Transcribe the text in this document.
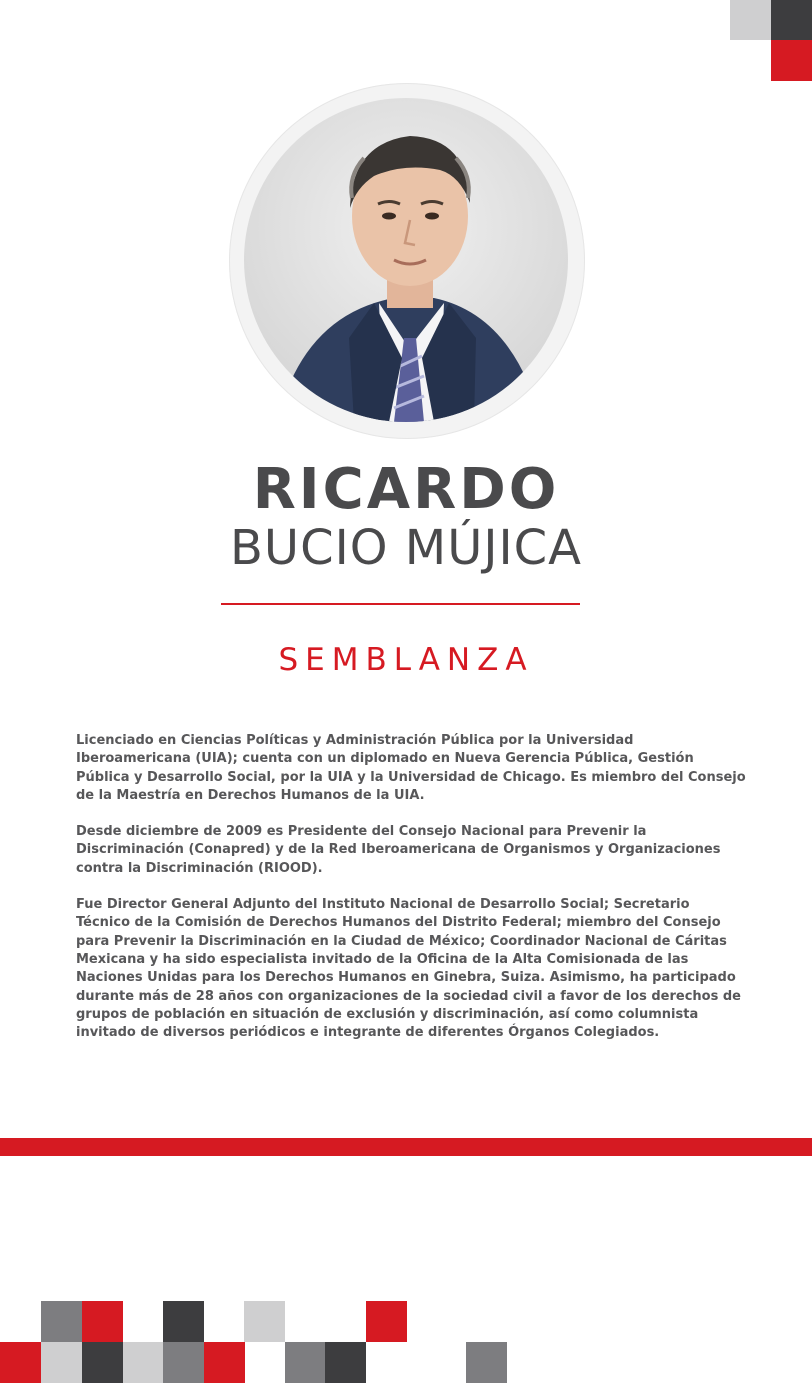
RICARDO
BUCIO MÚJICA
SEMBLANZA

Licenciado en Ciencias Políticas y Administración Pública por la Universidad Iberoamericana (UIA); cuenta con un diplomado en Nueva Gerencia Pública, Gestión Pública y Desarrollo Social, por la UIA y la Universidad de Chicago. Es miembro del Consejo de la Maestría en Derechos Humanos de la UIA.

Desde diciembre de 2009 es Presidente del Consejo Nacional para Prevenir la Discriminación (Conapred) y de la Red Iberoamericana de Organismos y Organizaciones contra la Discriminación (RIOOD).

Fue Director General Adjunto del Instituto Nacional de Desarrollo Social; Secretario Técnico de la Comisión de Derechos Humanos del Distrito Federal; miembro del Consejo para Prevenir la Discriminación en la Ciudad de México; Coordinador Nacional de Cáritas Mexicana y ha sido especialista invitado de la Oficina de la Alta Comisionada de las Naciones Unidas para los Derechos Humanos en Ginebra, Suiza. Asimismo, ha participado durante más de 28 años con organizaciones de la sociedad civil a favor de los derechos de grupos de población en situación de exclusión y discriminación, así como columnista invitado de diversos periódicos e integrante de diferentes Órganos Colegiados.
